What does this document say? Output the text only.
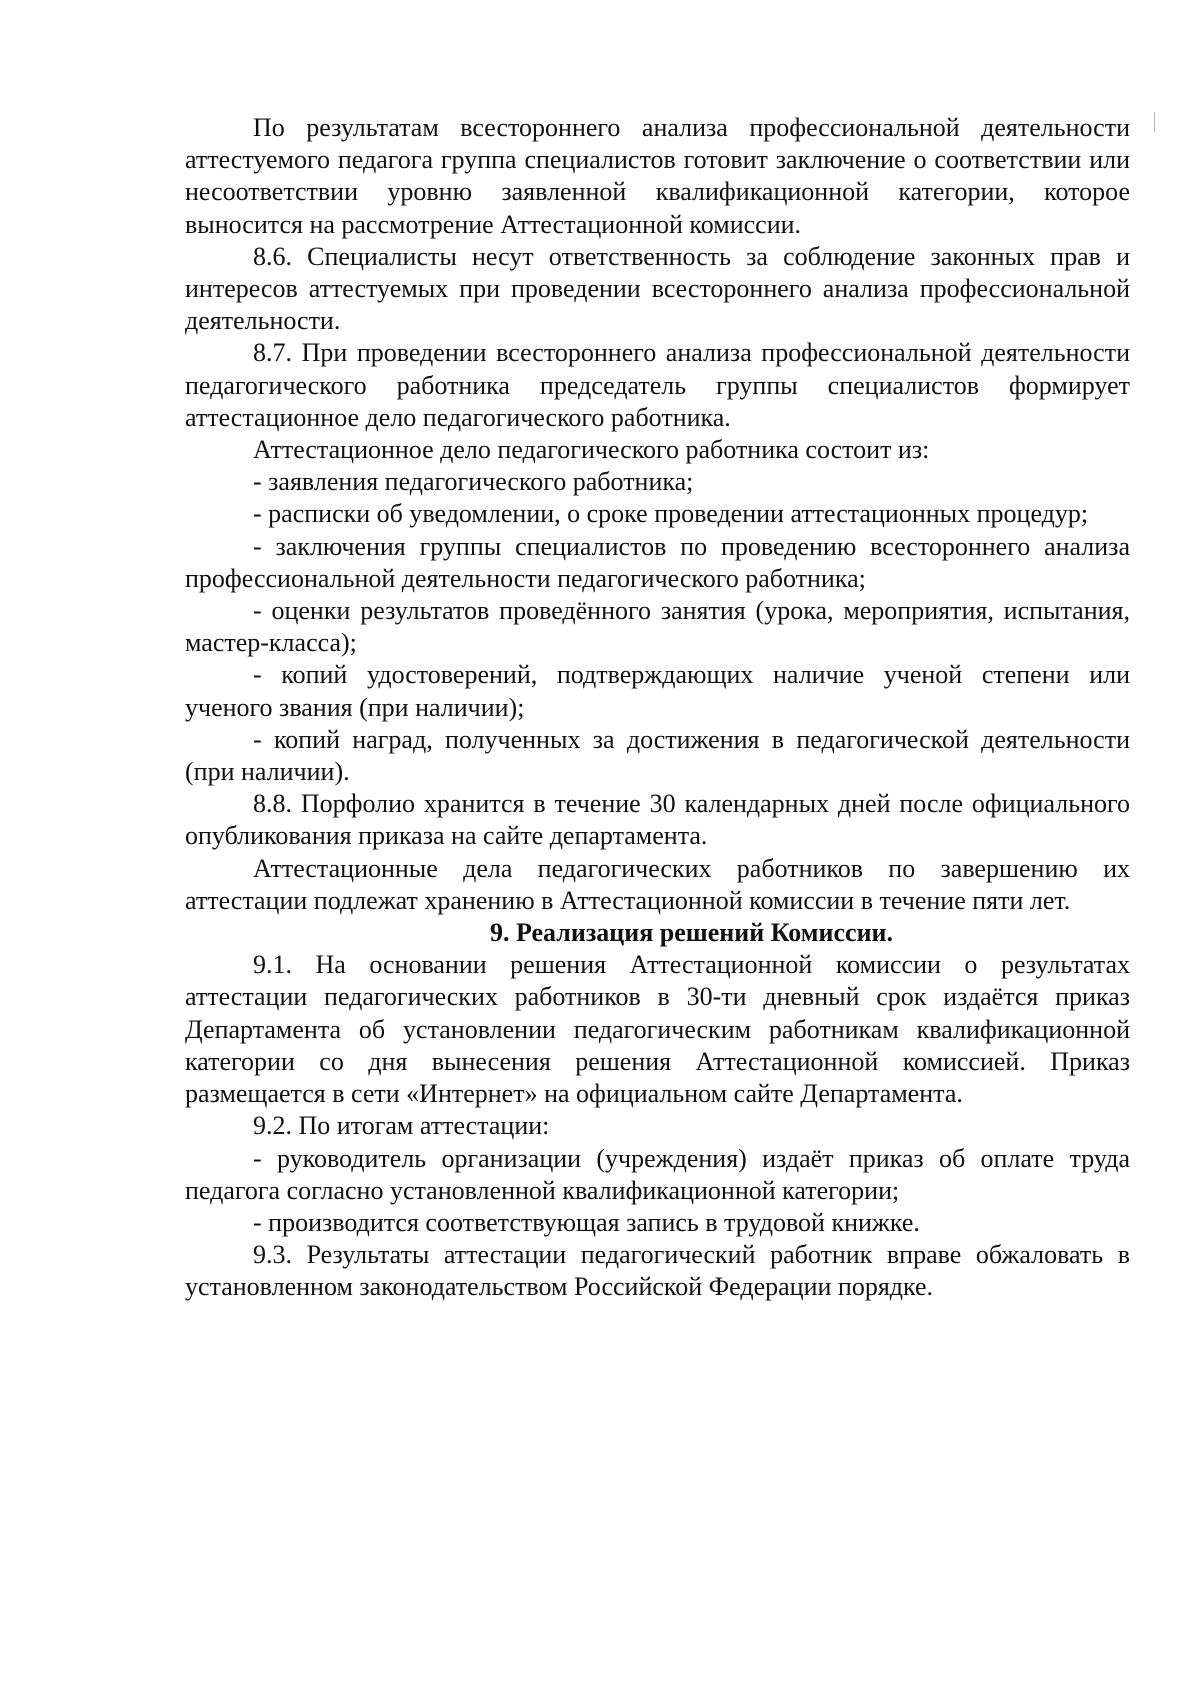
По результатам всестороннего анализа профессиональной деятельности аттестуемого педагога группа специалистов готовит заключение о соответствии или несоответствии уровню заявленной квалификационной категории, которое выносится на рассмотрение Аттестационной комиссии.

8.6. Специалисты несут ответственность за соблюдение законных прав и интересов аттестуемых при проведении всестороннего анализа профессиональной деятельности.

8.7. При проведении всестороннего анализа профессиональной деятельности педагогического работника председатель группы специалистов формирует аттестационное дело педагогического работника.

Аттестационное дело педагогического работника состоит из:

- заявления педагогического работника;

- расписки об уведомлении, о сроке проведении аттестационных процедур;

- заключения группы специалистов по проведению всестороннего анализа профессиональной деятельности педагогического работника;

- оценки результатов проведённого занятия (урока, мероприятия, испытания, мастер-класса);

- копий удостоверений, подтверждающих наличие ученой степени или ученого звания (при наличии);

- копий наград, полученных за достижения в педагогической деятельности (при наличии).

8.8. Порфолио хранится в течение 30 календарных дней после официального опубликования приказа на сайте департамента.

Аттестационные дела педагогических работников по завершению их аттестации подлежат хранению в Аттестационной комиссии в течение пяти лет.

9. Реализация решений Комиссии.

9.1. На основании решения Аттестационной комиссии о результатах аттестации педагогических работников в 30-ти дневный срок издаётся приказ Департамента об установлении педагогическим работникам квалификационной категории со дня вынесения решения Аттестационной комиссией. Приказ размещается в сети «Интернет» на официальном сайте Департамента.

9.2. По итогам аттестации:

- руководитель организации (учреждения) издаёт приказ об оплате труда педагога согласно установленной квалификационной категории;

- производится соответствующая запись в трудовой книжке.

9.3. Результаты аттестации педагогический работник вправе обжаловать в установленном законодательством Российской Федерации порядке.
